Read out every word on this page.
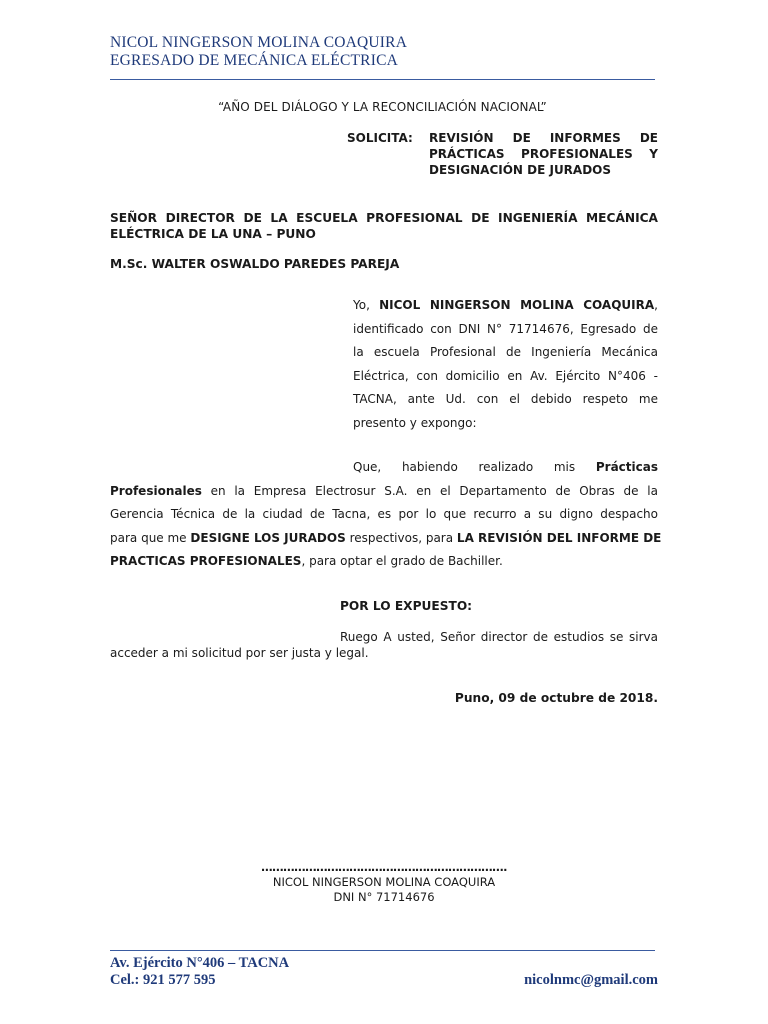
NICOL NINGERSON MOLINA COAQUIRA
EGRESADO DE MECÁNICA ELÉCTRICA
“AÑO DEL DIÁLOGO Y LA RECONCILIACIÓN NACIONAL”
SOLICITA: REVISIÓN DE INFORMES DE
PRÁCTICAS PROFESIONALES Y
DESIGNACIÓN DE JURADOS
SEÑOR DIRECTOR DE LA ESCUELA PROFESIONAL DE INGENIERÍA MECÁNICA
ELÉCTRICA DE LA UNA – PUNO
M.Sc. WALTER OSWALDO PAREDES PAREJA
Yo, NICOL NINGERSON MOLINA COAQUIRA,
identificado con DNI N° 71714676, Egresado de
la escuela Profesional de Ingeniería Mecánica
Eléctrica, con domicilio en Av. Ejército N°406 -
TACNA, ante Ud. con el debido respeto me
presento y expongo:
Que, habiendo realizado mis Prácticas
Profesionales en la Empresa Electrosur S.A. en el Departamento de Obras de la
Gerencia Técnica de la ciudad de Tacna, es por lo que recurro a su digno despacho
para que me DESIGNE LOS JURADOS respectivos, para LA REVISIÓN DEL INFORME DE
PRACTICAS PROFESIONALES, para optar el grado de Bachiller.
POR LO EXPUESTO:
Ruego A usted, Señor director de estudios se sirva
acceder a mi solicitud por ser justa y legal.
Puno, 09 de octubre de 2018.
………………………………………………………….
NICOL NINGERSON MOLINA COAQUIRA
DNI N° 71714676
Av. Ejército N°406 – TACNA
Cel.: 921 577 595	nicolnmc@gmail.com
